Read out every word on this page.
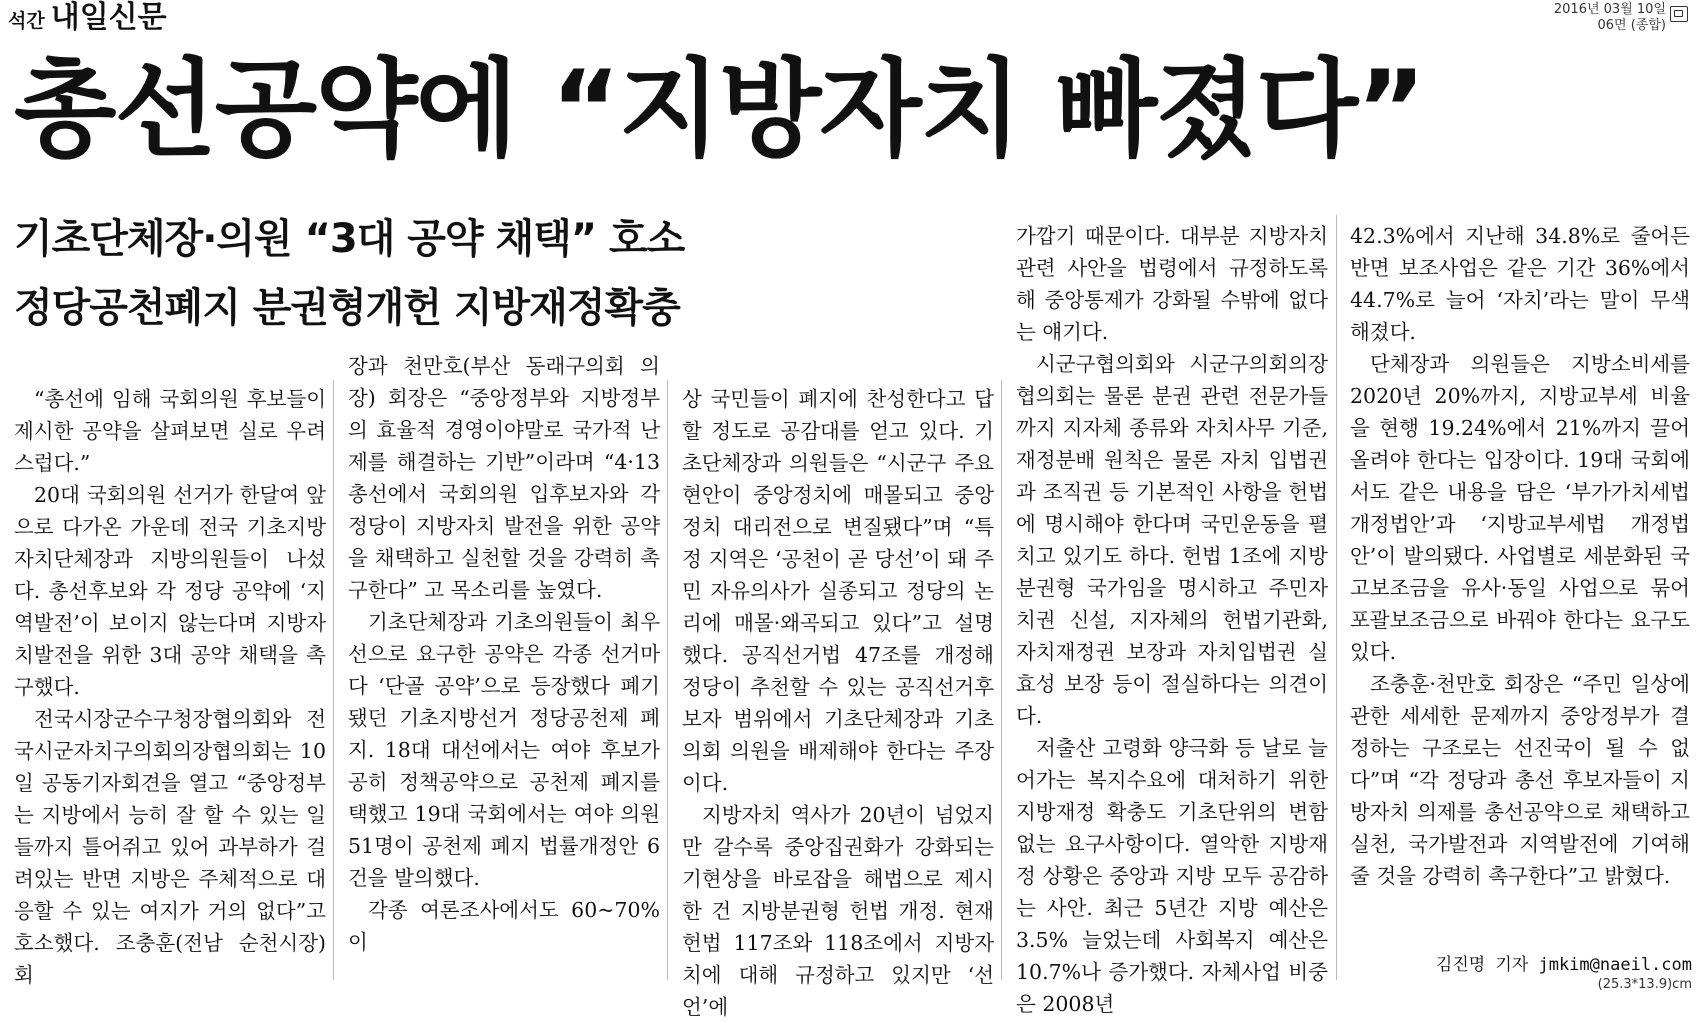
석간 내일신문	2016년 03월 10일
06면 (종합)
총선공약에 “지방자치 빠졌다”
기초단체장·의원 “3대 공약 채택” 호소
정당공천폐지 분권형개헌 지방재정확충

“총선에 임해 국회의원 후보들이 제시한 공약을 살펴보면 실로 우려스럽다.”

20대 국회의원 선거가 한달여 앞으로 다가온 가운데 전국 기초지방자치단체장과 지방의원들이 나섰다. 총선후보와 각 정당 공약에 ‘지역발전’이 보이지 않는다며 지방자치발전을 위한 3대 공약 채택을 촉구했다.

전국시장군수구청장협의회와 전국시군자치구의회의장협의회는 10일 공동기자회견을 열고 “중앙정부는 지방에서 능히 잘 할 수 있는 일들까지 틀어쥐고 있어 과부하가 걸려있는 반면 지방은 주체적으로 대응할 수 있는 여지가 거의 없다”고 호소했다. 조충훈(전남 순천시장) 회

장과 천만호(부산 동래구의회 의장) 회장은 “중앙정부와 지방정부의 효율적 경영이야말로 국가적 난제를 해결하는 기반”이라며 “4·13총선에서 국회의원 입후보자와 각 정당이 지방자치 발전을 위한 공약을 채택하고 실천할 것을 강력히 촉구한다” 고 목소리를 높였다.

기초단체장과 기초의원들이 최우선으로 요구한 공약은 각종 선거마다 ‘단골 공약’으로 등장했다 폐기됐던 기초지방선거 정당공천제 폐지. 18대 대선에서는 여야 후보가 공히 정책공약으로 공천제 폐지를 택했고 19대 국회에서는 여야 의원 51명이 공천제 폐지 법률개정안 6건을 발의했다.

각종 여론조사에서도 60~70% 이

상 국민들이 폐지에 찬성한다고 답할 정도로 공감대를 얻고 있다. 기초단체장과 의원들은 “시군구 주요 현안이 중앙정치에 매몰되고 중앙정치 대리전으로 변질됐다”며 “특정 지역은 ‘공천이 곧 당선’이 돼 주민 자유의사가 실종되고 정당의 논리에 매몰·왜곡되고 있다”고 설명했다. 공직선거법 47조를 개정해 정당이 추천할 수 있는 공직선거후보자 범위에서 기초단체장과 기초의회 의원을 배제해야 한다는 주장이다.

지방자치 역사가 20년이 넘었지만 갈수록 중앙집권화가 강화되는 기현상을 바로잡을 해법으로 제시한 건 지방분권형 헌법 개정. 현재 헌법 117조와 118조에서 지방자치에 대해 규정하고 있지만 ‘선언’에

가깝기 때문이다. 대부분 지방자치 관련 사안을 법령에서 규정하도록 해 중앙통제가 강화될 수밖에 없다는 얘기다.

시군구협의회와 시군구의회의장협의회는 물론 분권 관련 전문가들까지 지자체 종류와 자치사무 기준, 재정분배 원칙은 물론 자치 입법권과 조직권 등 기본적인 사항을 헌법에 명시해야 한다며 국민운동을 펼치고 있기도 하다. 헌법 1조에 지방분권형 국가임을 명시하고 주민자치권 신설, 지자체의 헌법기관화, 자치재정권 보장과 자치입법권 실효성 보장 등이 절실하다는 의견이다.

저출산 고령화 양극화 등 날로 늘어가는 복지수요에 대처하기 위한 지방재정 확충도 기초단위의 변함없는 요구사항이다. 열악한 지방재정 상황은 중앙과 지방 모두 공감하는 사안. 최근 5년간 지방 예산은 3.5% 늘었는데 사회복지 예산은 10.7%나 증가했다. 자체사업 비중은 2008년

42.3%에서 지난해 34.8%로 줄어든 반면 보조사업은 같은 기간 36%에서 44.7%로 늘어 ‘자치’라는 말이 무색해졌다.

단체장과 의원들은 지방소비세를 2020년 20%까지, 지방교부세 비율을 현행 19.24%에서 21%까지 끌어올려야 한다는 입장이다. 19대 국회에서도 같은 내용을 담은 ‘부가가치세법 개정법안’과 ‘지방교부세법 개정법안’이 발의됐다. 사업별로 세분화된 국고보조금을 유사·동일 사업으로 묶어 포괄보조금으로 바꿔야 한다는 요구도 있다.

조충훈·천만호 회장은 “주민 일상에 관한 세세한 문제까지 중앙정부가 결정하는 구조로는 선진국이 될 수 없다”며 “각 정당과 총선 후보자들이 지방자치 의제를 총선공약으로 채택하고 실천, 국가발전과 지역발전에 기여해줄 것을 강력히 촉구한다”고 밝혔다.

김진명 기자 jmkim@naeil.com
(25.3*13.9)cm
